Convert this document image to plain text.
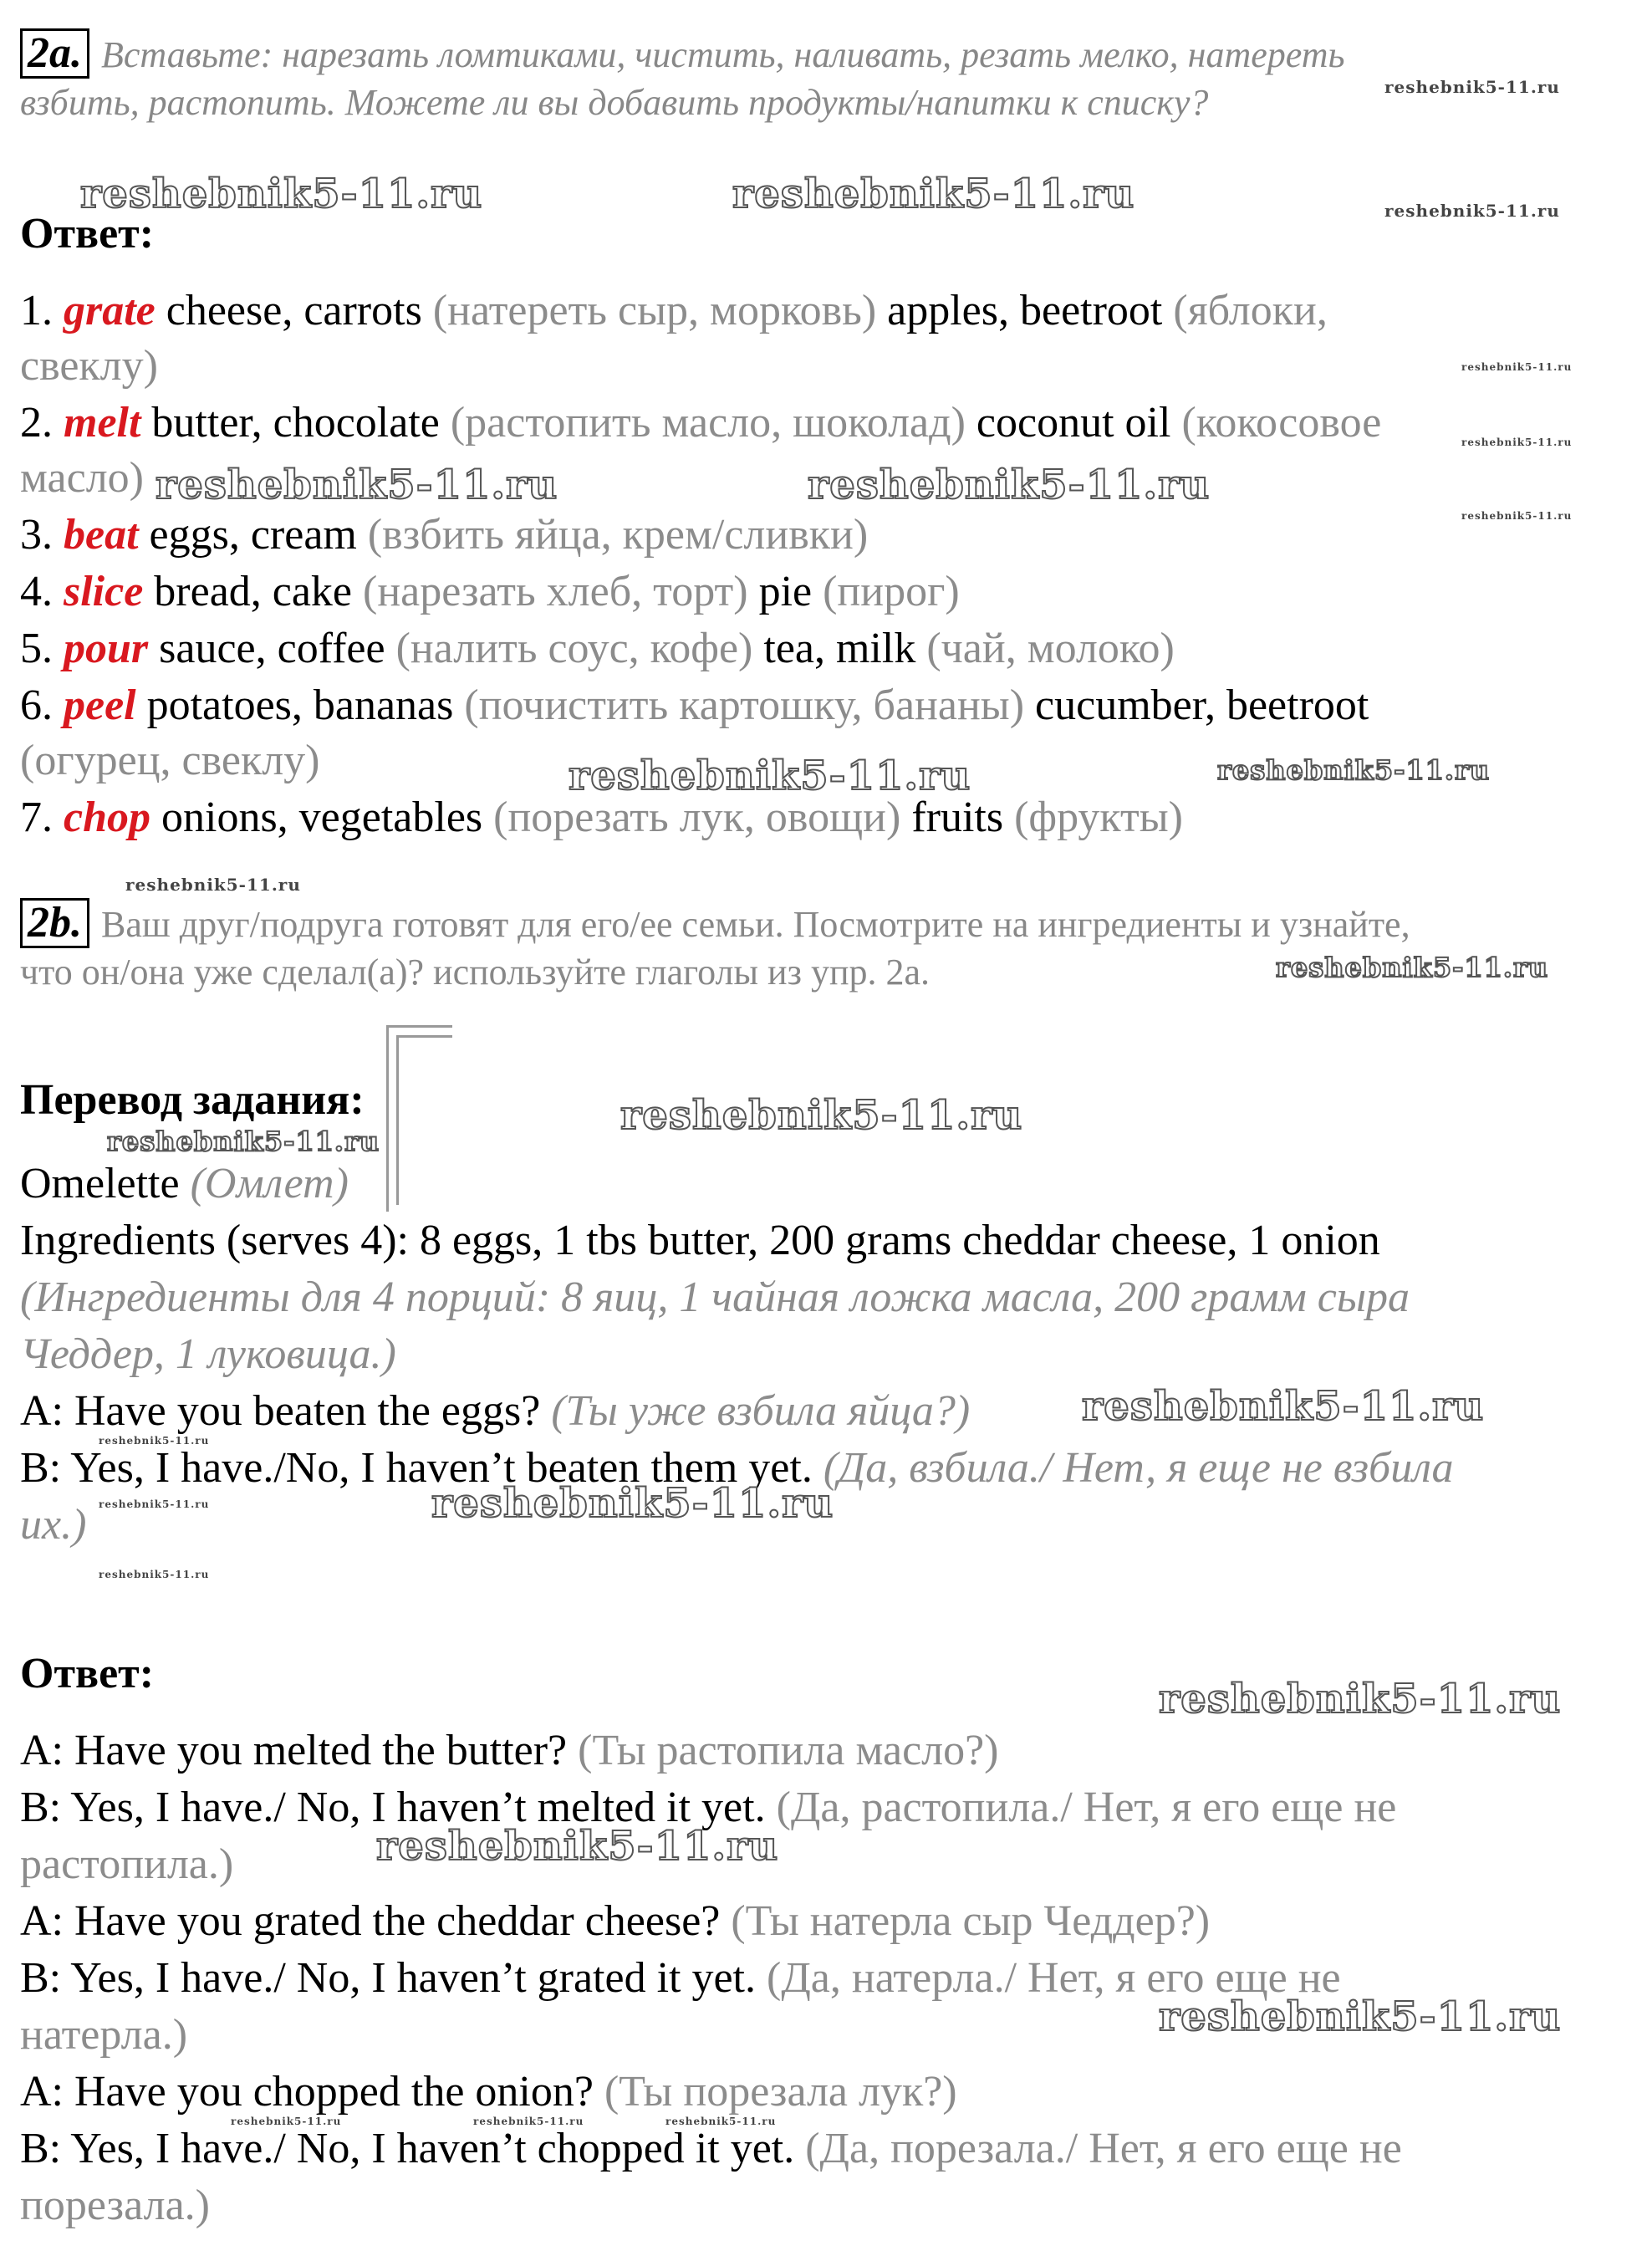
2a. Вставьте: нарезать ломтиками, чистить, наливать, резать мелко, натереть
взбить, растопить. Можете ли вы добавить продукты/напитки к списку?
Ответ:
1. grate cheese, carrots (натереть сыр, морковь) apples, beetroot (яблоки,
свеклу)
2. melt butter, chocolate (растопить масло, шоколад) coconut oil (кокосовое
масло)
3. beat eggs, cream (взбить яйца, крем/сливки)
4. slice bread, cake (нарезать хлеб, торт) pie (пирог)
5. pour sauce, coffee (налить соус, кофе) tea, milk (чай, молоко)
6. peel potatoes, bananas (почистить картошку, бананы) cucumber, beetroot
(огурец, свеклу)
7. chop onions, vegetables (порезать лук, овощи) fruits (фрукты)
2b. Ваш друг/подруга готовят для его/ее семьи. Посмотрите на ингредиенты и узнайте,
что он/она уже сделал(а)? используйте глаголы из упр. 2а.
Перевод задания:
Omelette (Омлет)
Ingredients (serves 4): 8 eggs, 1 tbs butter, 200 grams cheddar cheese, 1 onion
(Ингредиенты для 4 порций: 8 яиц, 1 чайная ложка масла, 200 грамм сыра
Чеддер, 1 луковица.)
A: Have you beaten the eggs? (Ты уже взбила яйца?)
B: Yes, I have./No, I haven’t beaten them yet. (Да, взбила./ Нет, я еще не взбила
их.)
Ответ:
A: Have you melted the butter? (Ты растопила масло?)
B: Yes, I have./ No, I haven’t melted it yet. (Да, растопила./ Нет, я его еще не
растопила.)
A: Have you grated the cheddar cheese? (Ты натерла сыр Чеддер?)
B: Yes, I have./ No, I haven’t grated it yet. (Да, натерла./ Нет, я его еще не
натерла.)
A: Have you chopped the onion? (Ты порезала лук?)
B: Yes, I have./ No, I haven’t chopped it yet. (Да, порезала./ Нет, я его еще не
порезала.)
reshebnik5-11.ru	reshebnik5-11.ru
reshebnik5-11.ru
reshebnik5-11.ru
reshebnik5-11.ru
reshebnik5-11.ru
reshebnik5-11.ru
reshebnik5-11.ru	reshebnik5-11.ru
reshebnik5-11.ru	reshebnik5-11.ru
reshebnik5-11.ru
reshebnik5-11.ru
reshebnik5-11.ru
reshebnik5-11.ru
reshebnik5-11.ru
reshebnik5-11.ru
reshebnik5-11.ru	reshebnik5-11.ru
reshebnik5-11.ru
reshebnik5-11.ru
reshebnik5-11.ru
reshebnik5-11.ru
reshebnik5-11.ru	reshebnik5-11.ru	reshebnik5-11.ru
